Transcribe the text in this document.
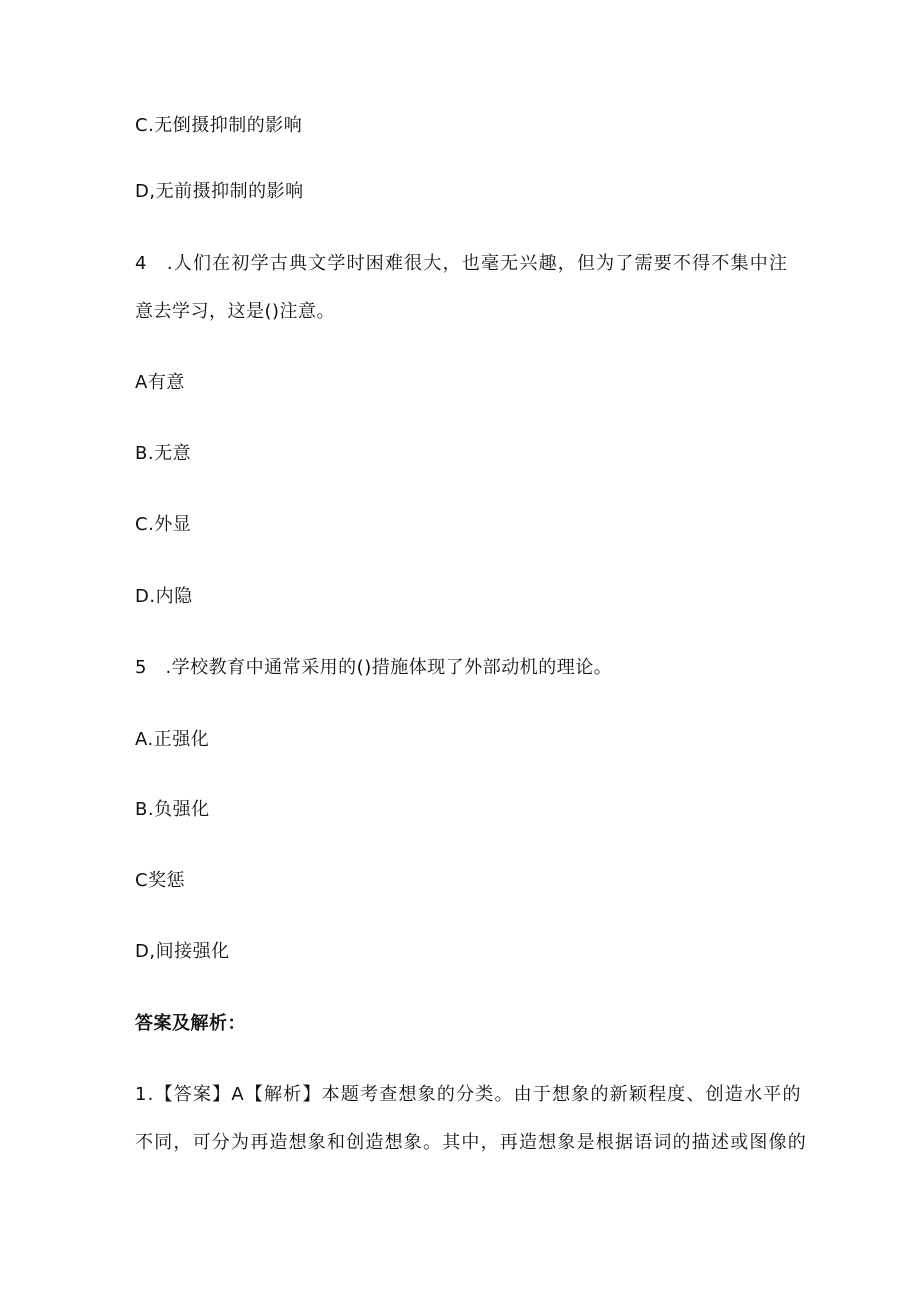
C.无倒摄抑制的影响
D,无前摄抑制的影响
4　.人们在初学古典文学时困难很大，也毫无兴趣，但为了需要不得不集中注
意去学习，这是()注意。
A有意
B.无意
C.外显
D.内隐
5　.学校教育中通常采用的()措施体现了外部动机的理论。
A.正强化
B.负强化
C奖惩
D,间接强化
答案及解析：
1.【答案】A【解析】本题考查想象的分类。由于想象的新颖程度、创造水平的
不同，可分为再造想象和创造想象。其中，再造想象是根据语词的描述或图像的
